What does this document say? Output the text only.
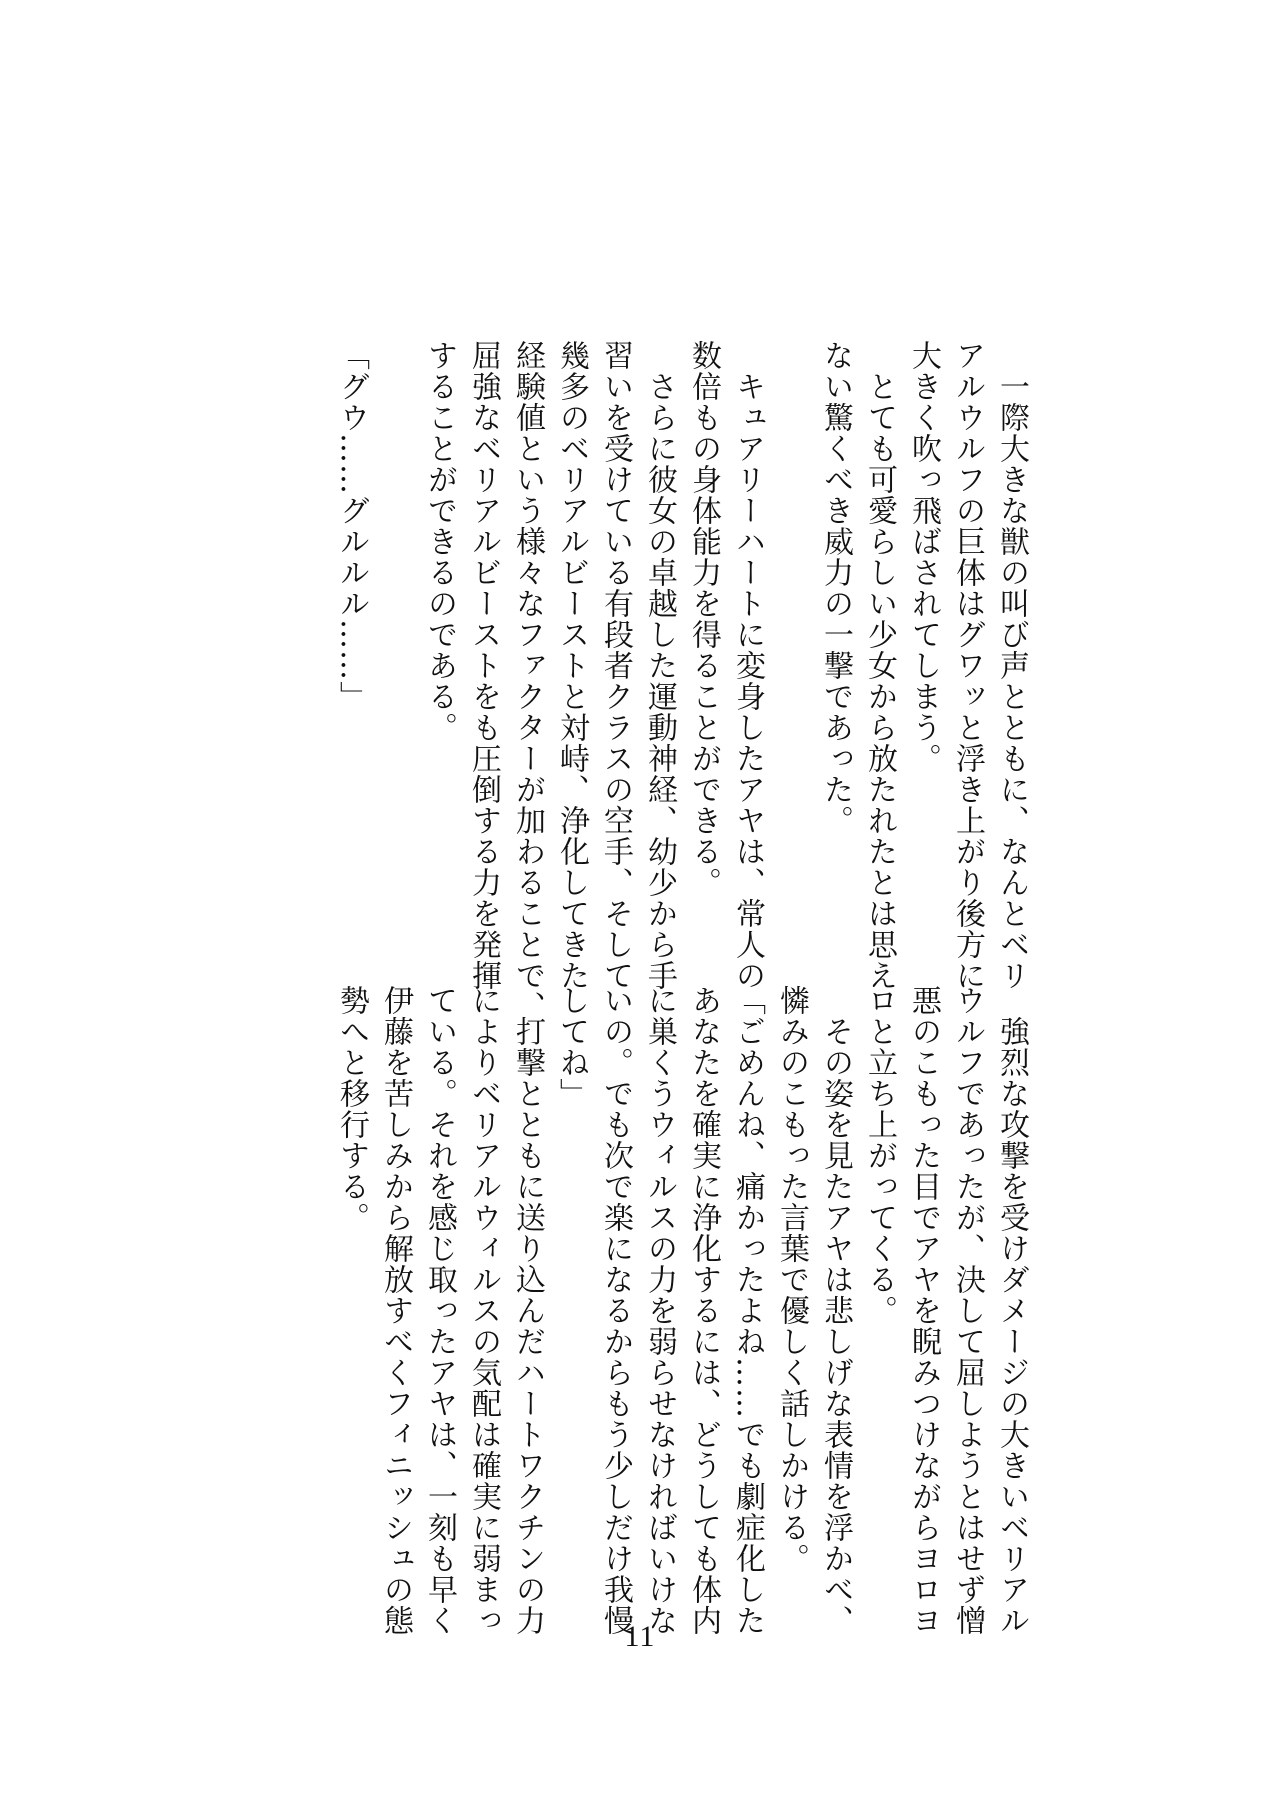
　一際大きな獣の叫び声とともに、なんとベリ
アルウルフの巨体はグワッと浮き上がり後方に
大きく吹っ飛ばされてしまう。
　とても可愛らしい少女から放たれたとは思え
ない驚くべき威力の一撃であった。
　キュアリーハートに変身したアヤは、常人の
数倍もの身体能力を得ることができる。
　さらに彼女の卓越した運動神経、幼少から手
習いを受けている有段者クラスの空手、そして
幾多のベリアルビーストと対峙、浄化してきた
経験値という様々なファクターが加わることで、
屈強なベリアルビーストをも圧倒する力を発揮
することができるのである。
「グウ……グルルル……」
　強烈な攻撃を受けダメージの大きいベリアル
ウルフであったが、決して屈しようとはせず憎
悪のこもった目でアヤを睨みつけながらヨロヨ
ロと立ち上がってくる。
　その姿を見たアヤは悲しげな表情を浮かべ、
憐みのこもった言葉で優しく話しかける。
「ごめんね、痛かったよね……でも劇症化した
あなたを確実に浄化するには、どうしても体内
に巣くうウィルスの力を弱らせなければいけな
いの。でも次で楽になるからもう少しだけ我慢
してね」
　打撃とともに送り込んだハートワクチンの力
によりベリアルウィルスの気配は確実に弱まっ
ている。それを感じ取ったアヤは、一刻も早く
伊藤を苦しみから解放すべくフィニッシュの態
勢へと移行する。
11
